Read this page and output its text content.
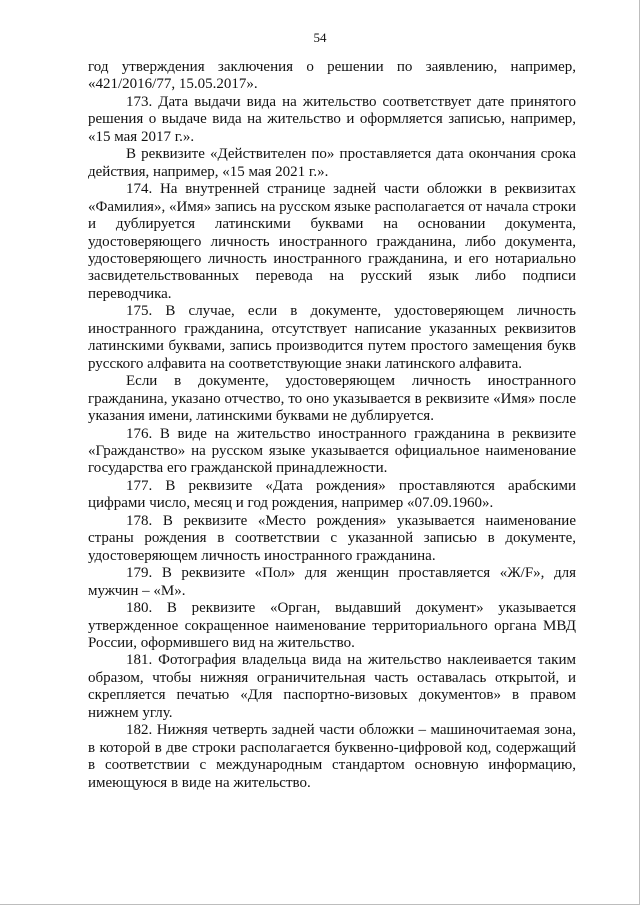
54

год утверждения заключения о решении по заявлению, например, «421/2016/77, 15.05.2017».

173. Дата выдачи вида на жительство соответствует дате принятого решения о выдаче вида на жительство и оформляется записью, например, «15 мая 2017 г.».

В реквизите «Действителен по» проставляется дата окончания срока действия, например, «15 мая 2021 г.».

174. На внутренней странице задней части обложки в реквизитах «Фамилия», «Имя» запись на русском языке располагается от начала строки и дублируется латинскими буквами на основании документа, удостоверяющего личность иностранного гражданина, либо документа, удостоверяющего личность иностранного гражданина, и его нотариально засвидетельствованных перевода на русский язык либо подписи переводчика.

175. В случае, если в документе, удостоверяющем личность иностранного гражданина, отсутствует написание указанных реквизитов латинскими буквами, запись производится путем простого замещения букв русского алфавита на соответствующие знаки латинского алфавита.

Если в документе, удостоверяющем личность иностранного гражданина, указано отчество, то оно указывается в реквизите «Имя» после указания имени, латинскими буквами не дублируется.

176. В виде на жительство иностранного гражданина в реквизите «Гражданство» на русском языке указывается официальное наименование государства его гражданской принадлежности.

177. В реквизите «Дата рождения» проставляются арабскими цифрами число, месяц и год рождения, например «07.09.1960».

178. В реквизите «Место рождения» указывается наименование страны рождения в соответствии с указанной записью в документе, удостоверяющем личность иностранного гражданина.

179. В реквизите «Пол» для женщин проставляется «Ж/F», для мужчин – «М».

180. В реквизите «Орган, выдавший документ» указывается утвержденное сокращенное наименование территориального органа МВД России, оформившего вид на жительство.

181. Фотография владельца вида на жительство наклеивается таким образом, чтобы нижняя ограничительная часть оставалась открытой, и скрепляется печатью «Для паспортно-визовых документов» в правом нижнем углу.

182. Нижняя четверть задней части обложки – машиночитаемая зона, в которой в две строки располагается буквенно-цифровой код, содержащий в соответствии с международным стандартом основную информацию, имеющуюся в виде на жительство.
